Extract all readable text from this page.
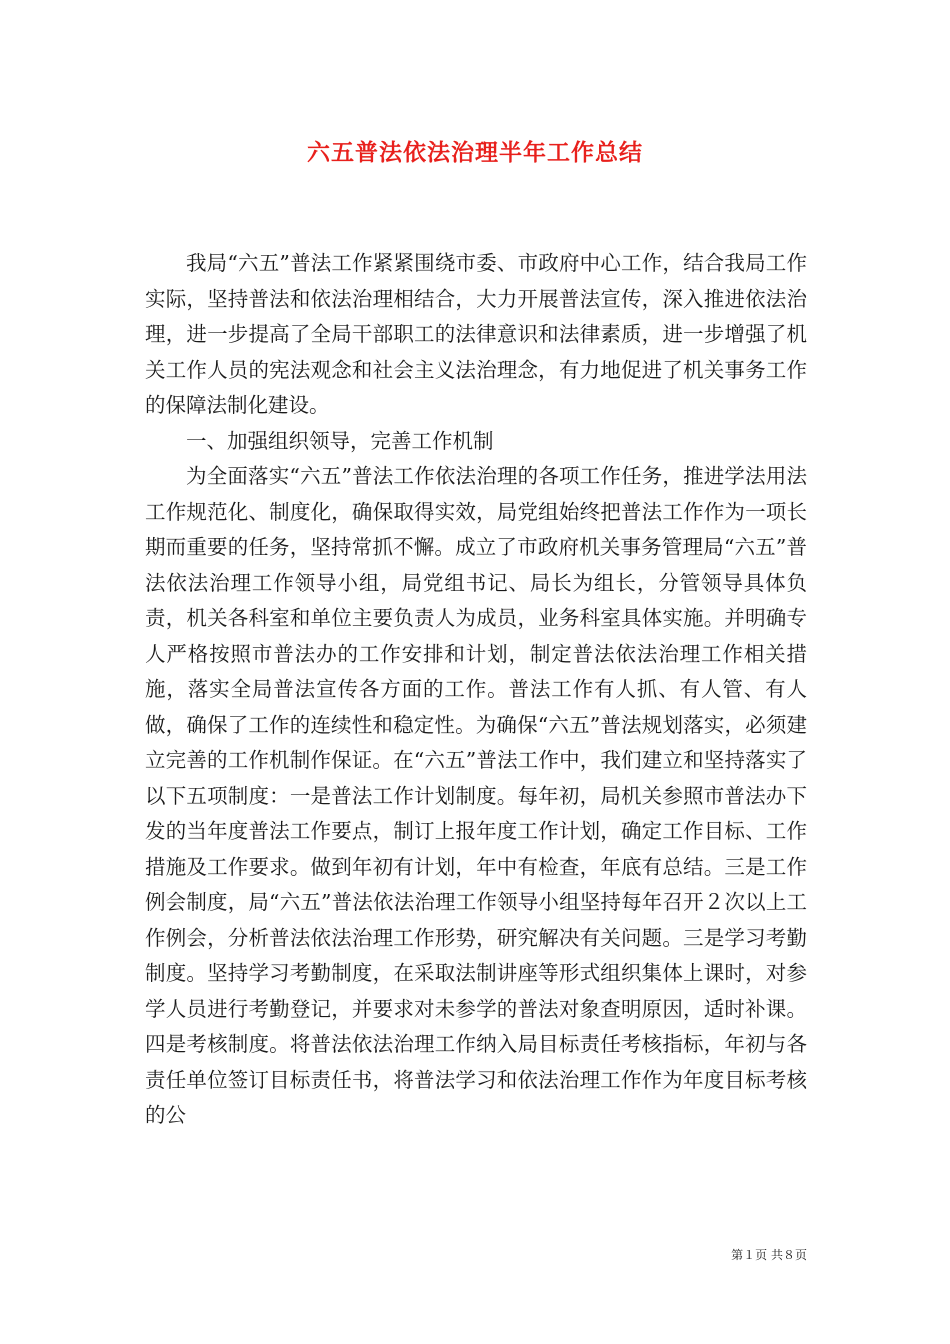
六五普法依法治理半年工作总结

我局“六五”普法工作紧紧围绕市委、市政府中心工作，结合我局工作实际，坚持普法和依法治理相结合，大力开展普法宣传，深入推进依法治理，进一步提高了全局干部职工的法律意识和法律素质，进一步增强了机关工作人员的宪法观念和社会主义法治理念，有力地促进了机关事务工作的保障法制化建设。

一、加强组织领导，完善工作机制

为全面落实“六五”普法工作依法治理的各项工作任务，推进学法用法工作规范化、制度化，确保取得实效，局党组始终把普法工作作为一项长期而重要的任务，坚持常抓不懈。成立了市政府机关事务管理局“六五”普法依法治理工作领导小组，局党组书记、局长为组长，分管领导具体负责，机关各科室和单位主要负责人为成员，业务科室具体实施。并明确专人严格按照市普法办的工作安排和计划，制定普法依法治理工作相关措施，落实全局普法宣传各方面的工作。普法工作有人抓、有人管、有人做，确保了工作的连续性和稳定性。为确保“六五”普法规划落实，必须建立完善的工作机制作保证。在“六五”普法工作中，我们建立和坚持落实了以下五项制度：一是普法工作计划制度。每年初，局机关参照市普法办下发的当年度普法工作要点，制订上报年度工作计划，确定工作目标、工作措施及工作要求。做到年初有计划，年中有检查，年底有总结。三是工作例会制度，局“六五”普法依法治理工作领导小组坚持每年召开２次以上工作例会，分析普法依法治理工作形势，研究解决有关问题。三是学习考勤制度。坚持学习考勤制度，在采取法制讲座等形式组织集体上课时，对参学人员进行考勤登记，并要求对未参学的普法对象查明原因，适时补课。四是考核制度。将普法依法治理工作纳入局目标责任考核指标，年初与各责任单位签订目标责任书，将普法学习和依法治理工作作为年度目标考核的公

第１页 共８页
